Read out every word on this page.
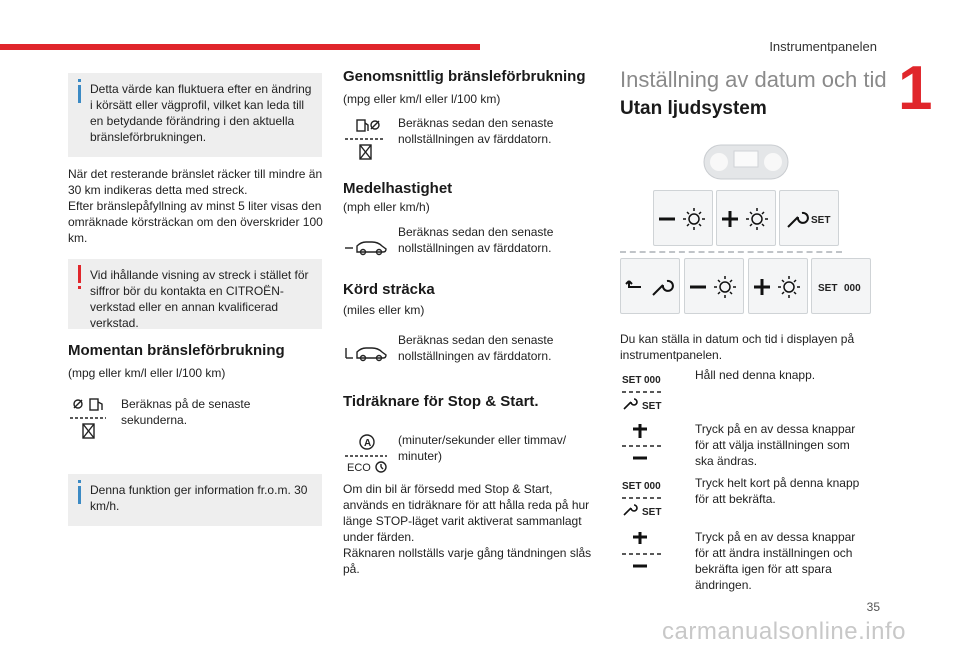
Instrumentpanelen
1
Detta värde kan fluktuera efter en ändring i körsätt eller vägprofil, vilket kan leda till en betydande förändring i den aktuella bränsleförbrukningen.
När det resterande bränslet räcker till mindre än 30 km indikeras detta med streck.
Efter bränslepåfyllning av minst 5 liter visas den omräknade körsträckan om den överskrider 100 km.
Vid ihållande visning av streck i stället för siffror bör du kontakta en CITROËN-verkstad eller en annan kvalificerad verkstad.
Momentan bränsleförbrukning
(mpg eller km/l eller l/100 km)
Beräknas på de senaste sekunderna.
Denna funktion ger information fr.o.m. 30 km/h.
Genomsnittlig bränsleförbrukning
(mpg eller km/l eller l/100 km)
Beräknas sedan den senaste nollställningen av färddatorn.
Medelhastighet
(mph eller km/h)
Beräknas sedan den senaste nollställningen av färddatorn.
Körd sträcka
(miles eller km)
Beräknas sedan den senaste nollställningen av färddatorn.
Tidräknare för Stop & Start.
A
ECO
(minuter/sekunder eller timmav/ minuter)
Om din bil är försedd med Stop & Start, används en tidräknare för att hålla reda på hur länge STOP-läget varit aktiverat sammanlagt under färden.
Räknaren nollställs varje gång tändningen slås på.
Inställning av datum och tid
Utan ljudsystem
SET
SET 000
Du kan ställa in datum och tid i displayen på instrumentpanelen.
SET 000
SET
Håll ned denna knapp.
Tryck på en av dessa knappar för att välja inställningen som ska ändras.
SET 000
SET
Tryck helt kort på denna knapp för att bekräfta.
Tryck på en av dessa knappar för att ändra inställningen och bekräfta igen för att spara ändringen.
35
carmanualsonline.info
